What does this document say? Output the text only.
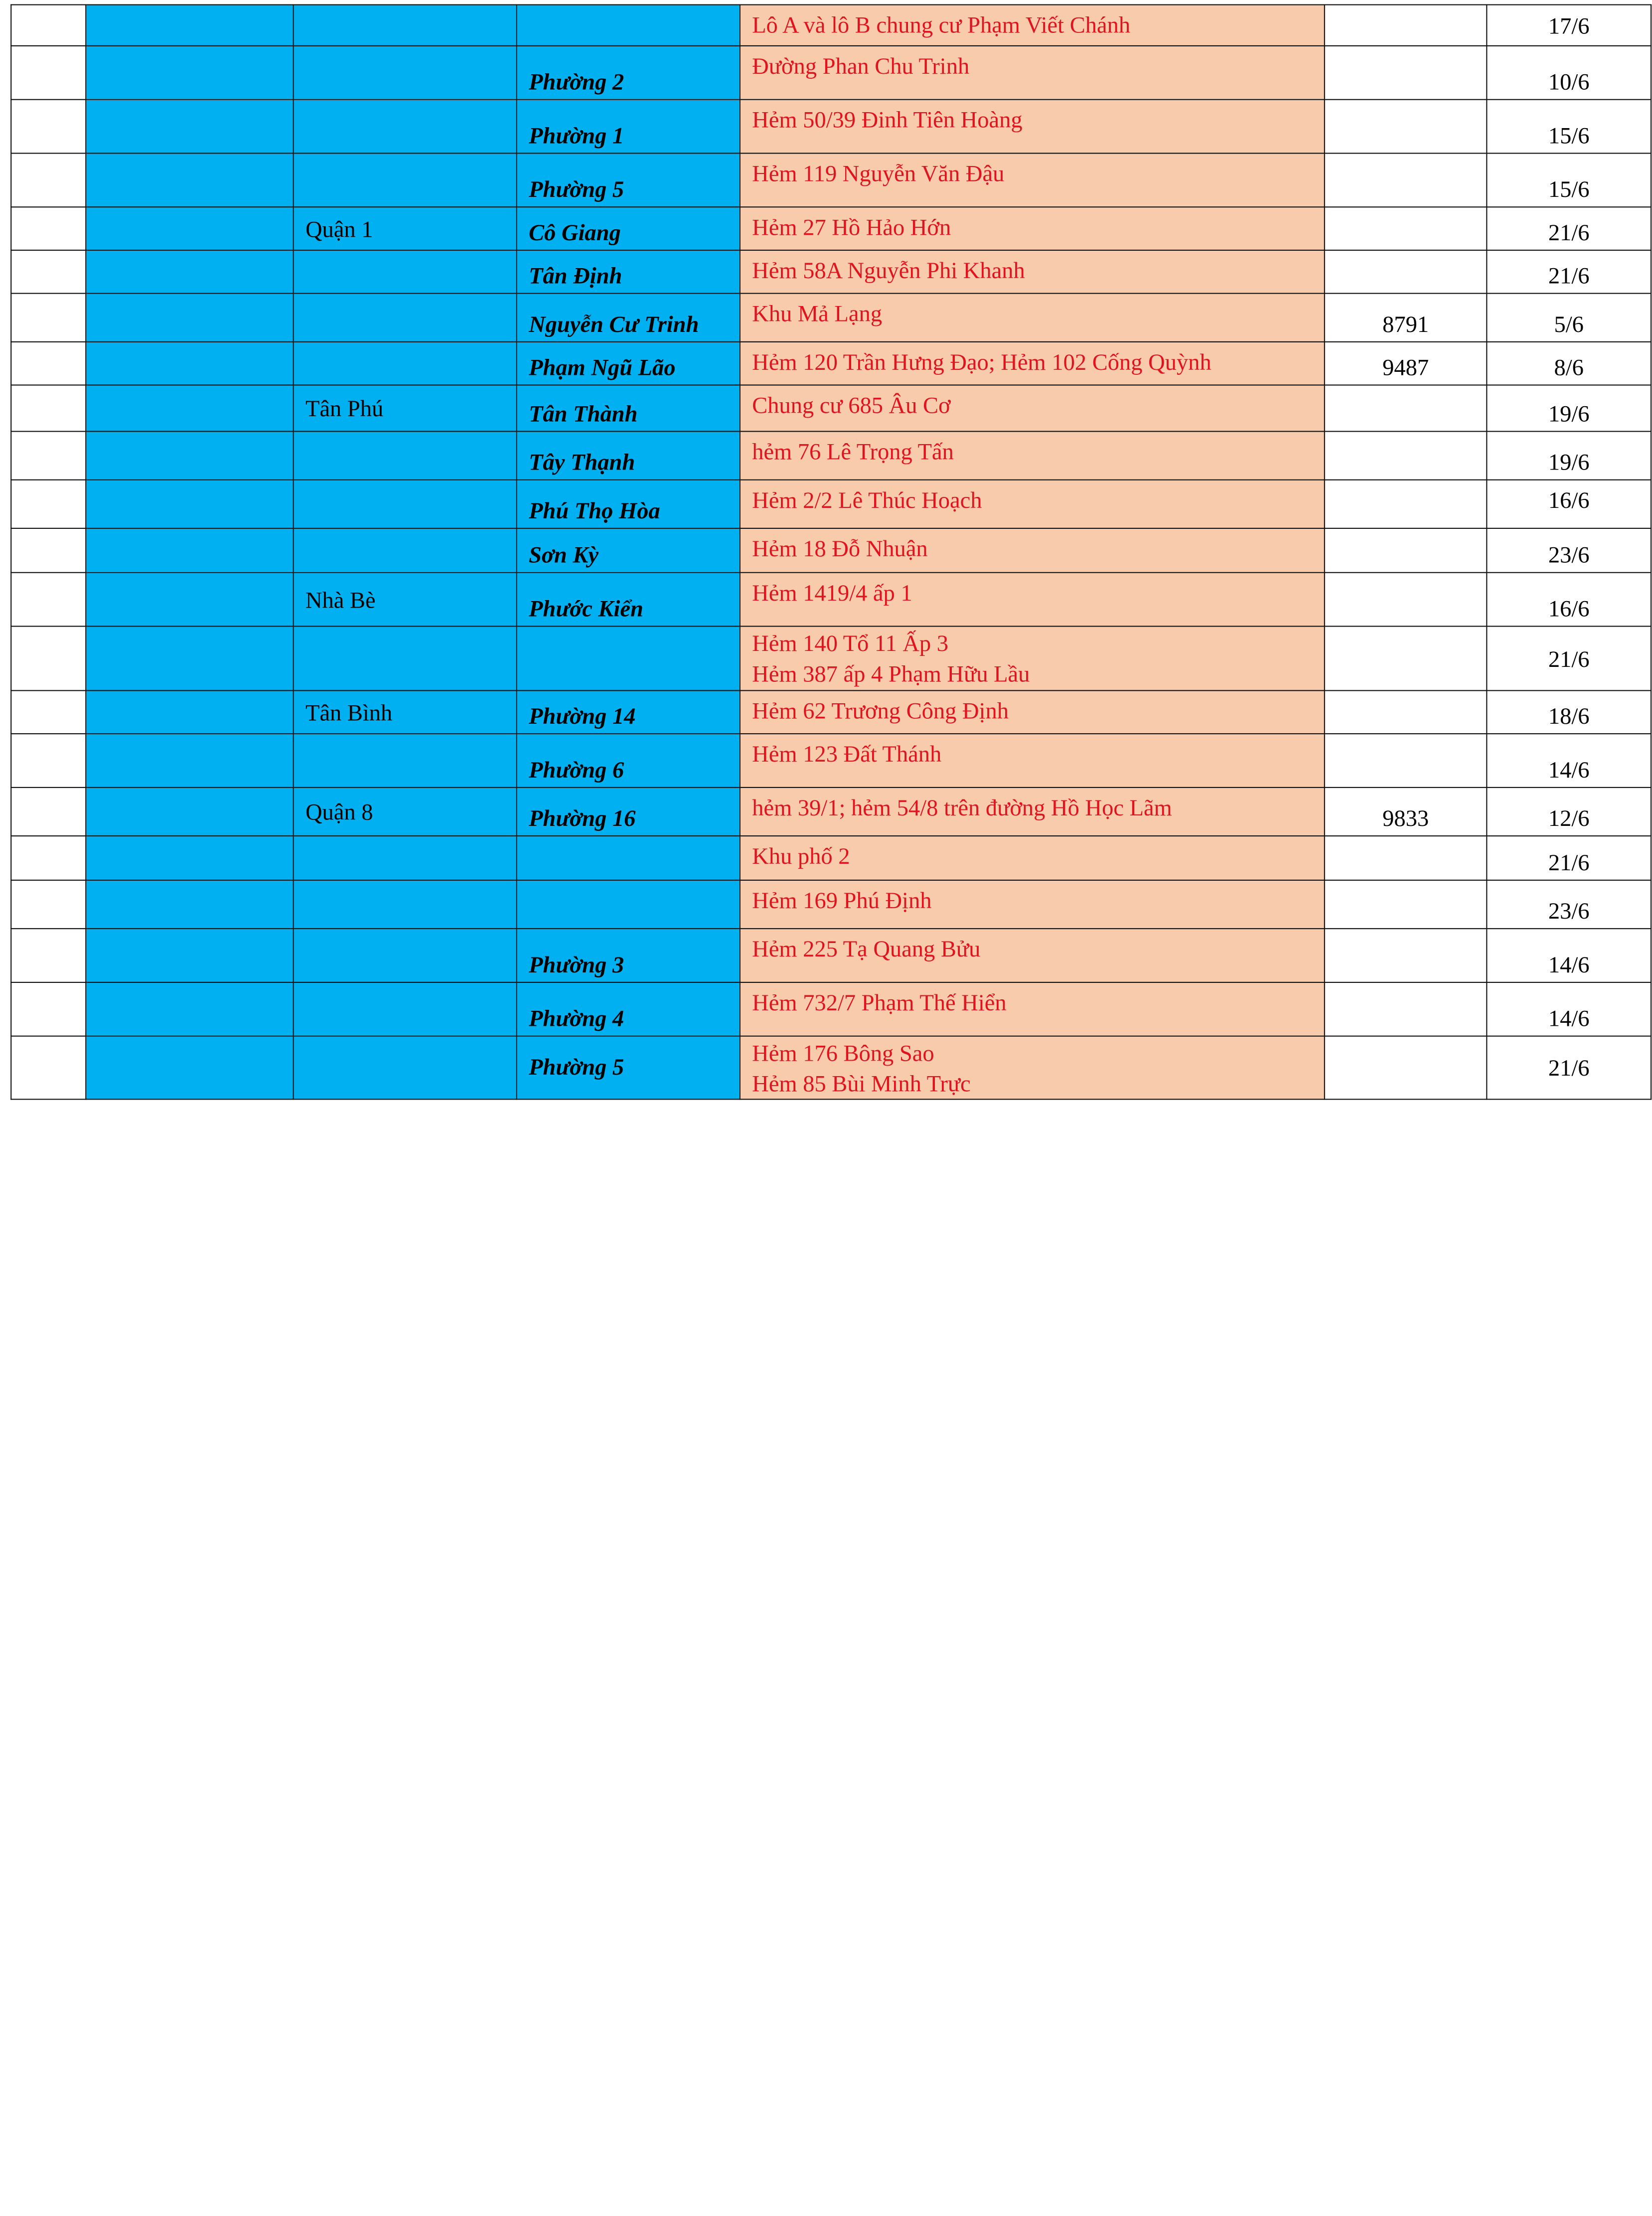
				Lô A và lô B chung cư Phạm Viết Chánh		17/6
			Phường 2	Đường Phan Chu Trinh		10/6
			Phường 1	Hẻm 50/39 Đinh Tiên Hoàng		15/6
			Phường 5	Hẻm 119 Nguyễn Văn Đậu		15/6
		Quận 1	Cô Giang	Hẻm 27 Hồ Hảo Hớn		21/6
			Tân Định	Hẻm 58A Nguyễn Phi Khanh		21/6
			Nguyễn Cư Trinh	Khu Mả Lạng	8791	5/6
			Phạm Ngũ Lão	Hẻm 120 Trần Hưng Đạo; Hẻm 102 Cống Quỳnh	9487	8/6
		Tân Phú	Tân Thành	Chung cư 685 Âu Cơ		19/6
			Tây Thạnh	hẻm 76 Lê Trọng Tấn		19/6
			Phú Thọ Hòa	Hẻm 2/2 Lê Thúc Hoạch		16/6
			Sơn Kỳ	Hẻm 18 Đỗ Nhuận		23/6
		Nhà Bè	Phước Kiển	Hẻm 1419/4 ấp 1		16/6

				Hẻm 140 Tổ 11 Ấp 3
Hẻm 387 ấp 4 Phạm Hữu Lầu		21/6
		Tân Bình	Phường 14	Hẻm 62 Trương Công Định		18/6
			Phường 6	Hẻm 123 Đất Thánh		14/6
		Quận 8	Phường 16	hẻm 39/1; hẻm 54/8 trên đường Hồ Học Lãm	9833	12/6

				Khu phố 2		21/6

				Hẻm 169 Phú Định		23/6
			Phường 3	Hẻm 225 Tạ Quang Bửu		14/6
			Phường 4	Hẻm 732/7 Phạm Thế Hiển		14/6
			Phường 5	Hẻm 176 Bông Sao
Hẻm 85 Bùi Minh Trực		21/6
